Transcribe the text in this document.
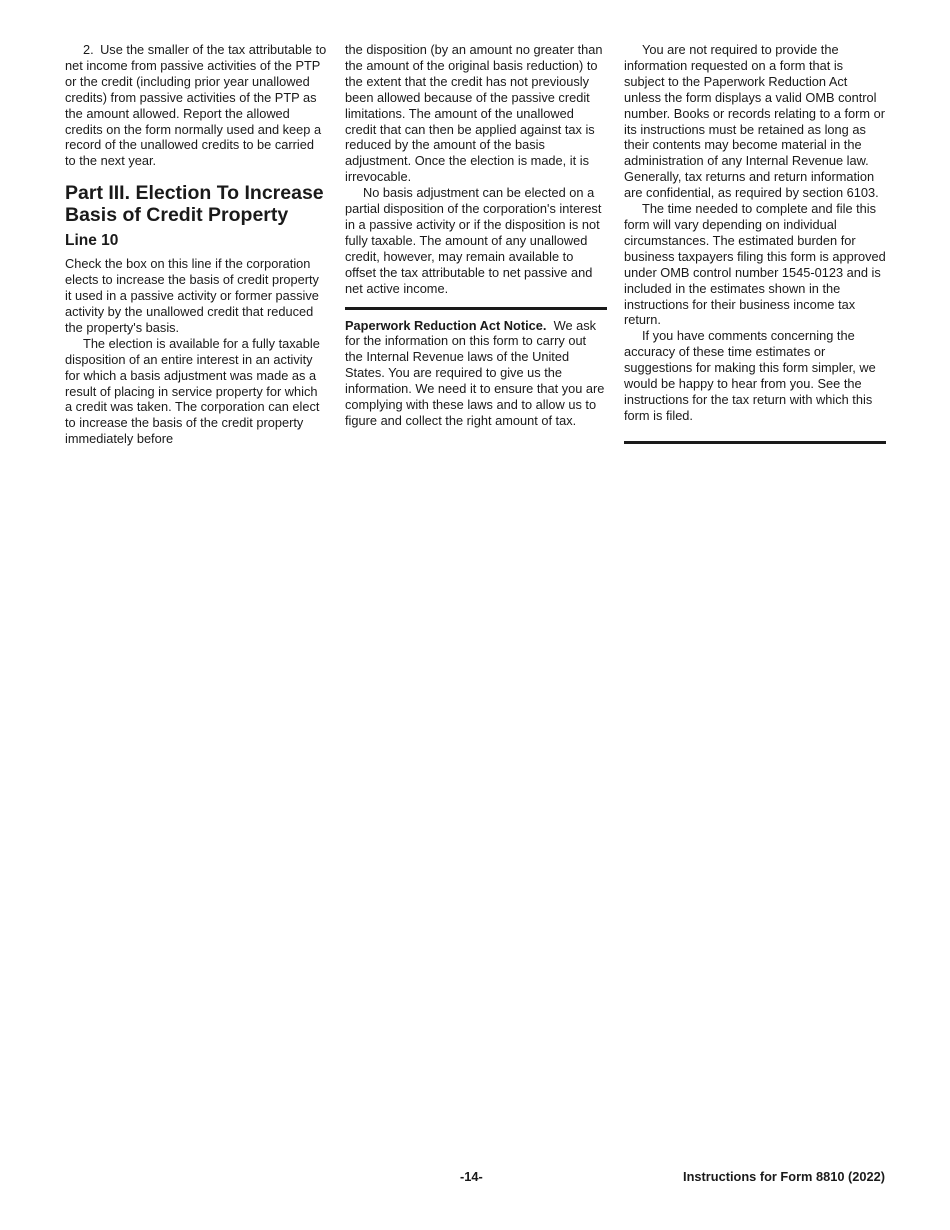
2. Use the smaller of the tax attributable to net income from passive activities of the PTP or the credit (including prior year unallowed credits) from passive activities of the PTP as the amount allowed. Report the allowed credits on the form normally used and keep a record of the unallowed credits to be carried to the next year.

Part III. Election To Increase Basis of Credit Property
Line 10

Check the box on this line if the corporation elects to increase the basis of credit property it used in a passive activity or former passive activity by the unallowed credit that reduced the property's basis.

The election is available for a fully taxable disposition of an entire interest in an activity for which a basis adjustment was made as a result of placing in service property for which a credit was taken. The corporation can elect to increase the basis of the credit property immediately before

the disposition (by an amount no greater than the amount of the original basis reduction) to the extent that the credit has not previously been allowed because of the passive credit limitations. The amount of the unallowed credit that can then be applied against tax is reduced by the amount of the basis adjustment. Once the election is made, it is irrevocable.

No basis adjustment can be elected on a partial disposition of the corporation's interest in a passive activity or if the disposition is not fully taxable. The amount of any unallowed credit, however, may remain available to offset the tax attributable to net passive and net active income.

Paperwork Reduction Act Notice. We ask for the information on this form to carry out the Internal Revenue laws of the United States. You are required to give us the information. We need it to ensure that you are complying with these laws and to allow us to figure and collect the right amount of tax.

You are not required to provide the information requested on a form that is subject to the Paperwork Reduction Act unless the form displays a valid OMB control number. Books or records relating to a form or its instructions must be retained as long as their contents may become material in the administration of any Internal Revenue law. Generally, tax returns and return information are confidential, as required by section 6103.

The time needed to complete and file this form will vary depending on individual circumstances. The estimated burden for business taxpayers filing this form is approved under OMB control number 1545-0123 and is included in the estimates shown in the instructions for their business income tax return.

If you have comments concerning the accuracy of these time estimates or suggestions for making this form simpler, we would be happy to hear from you. See the instructions for the tax return with which this form is filed.

-14-	Instructions for Form 8810 (2022)
